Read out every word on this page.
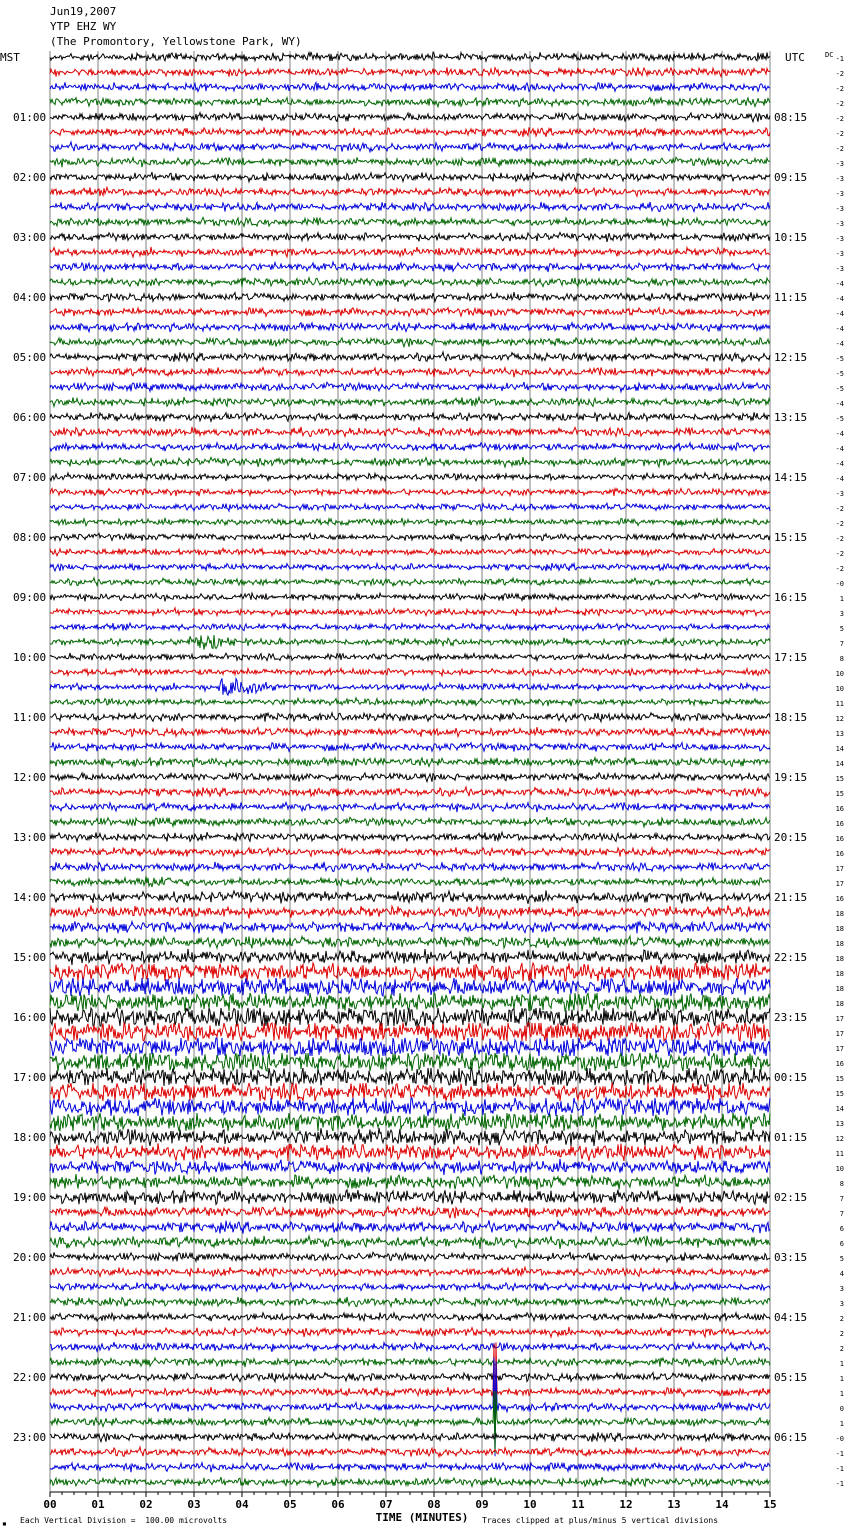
Jun19,2007
YTP EHZ WY
(The Promontory, Yellowstone Park, WY)
MST	UTC	DC
01:00	08:15
02:00	09:15
03:00	10:15
04:00	11:15
05:00	12:15
06:00	13:15
07:00	14:15
08:00	15:15
09:00	16:15
10:00	17:15
11:00	18:15
12:00	19:15
13:00	20:15
14:00	21:15
15:00	22:15
16:00	23:15
17:00	00:15
18:00	01:15
19:00	02:15
20:00	03:15
21:00	04:15
22:00	05:15
23:00	06:15
-1
-2
-2
-2
-2
-2
-2
-3
-3
-3
-3
-3
-3
-3
-3
-4
-4
-4
-4
-4
-5
-5
-5
-4
-5
-4
-4
-4
-4
-3
-2
-2
-2
-2
-2
-0
1
3
5
7
8
10
10
11
12
13
14
14
15
15
16
16
16
16
17
17
16
18
18
18
18
18
18
18
17
17
17
16
15
15
14
13
12
11
10
8
7
7
6
6
5
4
3
3
2
2
2
1
1
1
0
1
-0
-1
-1
-1
00	01	02	03	04	05	06	07	08	09	10	11	12	13	14	15
TIME (MINUTES)
▪ Each Vertical Division =  100.00 microvolts	Traces clipped at plus/minus 5 vertical divisions
